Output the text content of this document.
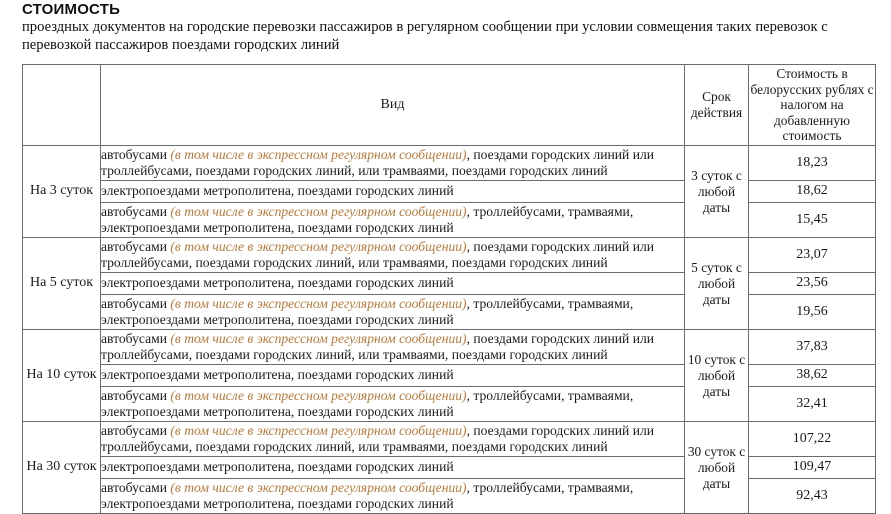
СТОИМОСТЬ
проездных документов на городские перевозки пассажиров в регулярном сообщении при условии совмещения таких перевозок с перевозкой пассажиров поездами городских линий
	Вид	Срок действия	Стоимость в белорусских рублях с налогом на добавленную стоимость
На 3 суток	автобусами (в том числе в экспрессном регулярном сообщении), поездами городских линий или троллейбусами, поездами городских линий, или трамваями, поездами городских линий	3 суток с любой даты	18,23
	электропоездами метрополитена, поездами городских линий		18,62
	автобусами (в том числе в экспрессном регулярном сообщении), троллейбусами, трамваями, электропоездами метрополитена, поездами городских линий		15,45
На 5 суток	автобусами (в том числе в экспрессном регулярном сообщении), поездами городских линий или троллейбусами, поездами городских линий, или трамваями, поездами городских линий	5 суток с любой даты	23,07
	электропоездами метрополитена, поездами городских линий		23,56
	автобусами (в том числе в экспрессном регулярном сообщении), троллейбусами, трамваями, электропоездами метрополитена, поездами городских линий		19,56
На 10 суток	автобусами (в том числе в экспрессном регулярном сообщении), поездами городских линий или троллейбусами, поездами городских линий, или трамваями, поездами городских линий	10 суток с любой даты	37,83
	электропоездами метрополитена, поездами городских линий		38,62
	автобусами (в том числе в экспрессном регулярном сообщении), троллейбусами, трамваями, электропоездами метрополитена, поездами городских линий		32,41
На 30 суток	автобусами (в том числе в экспрессном регулярном сообщении), поездами городских линий или троллейбусами, поездами городских линий, или трамваями, поездами городских линий	30 суток с любой даты	107,22
	электропоездами метрополитена, поездами городских линий		109,47
	автобусами (в том числе в экспрессном регулярном сообщении), троллейбусами, трамваями, электропоездами метрополитена, поездами городских линий		92,43
